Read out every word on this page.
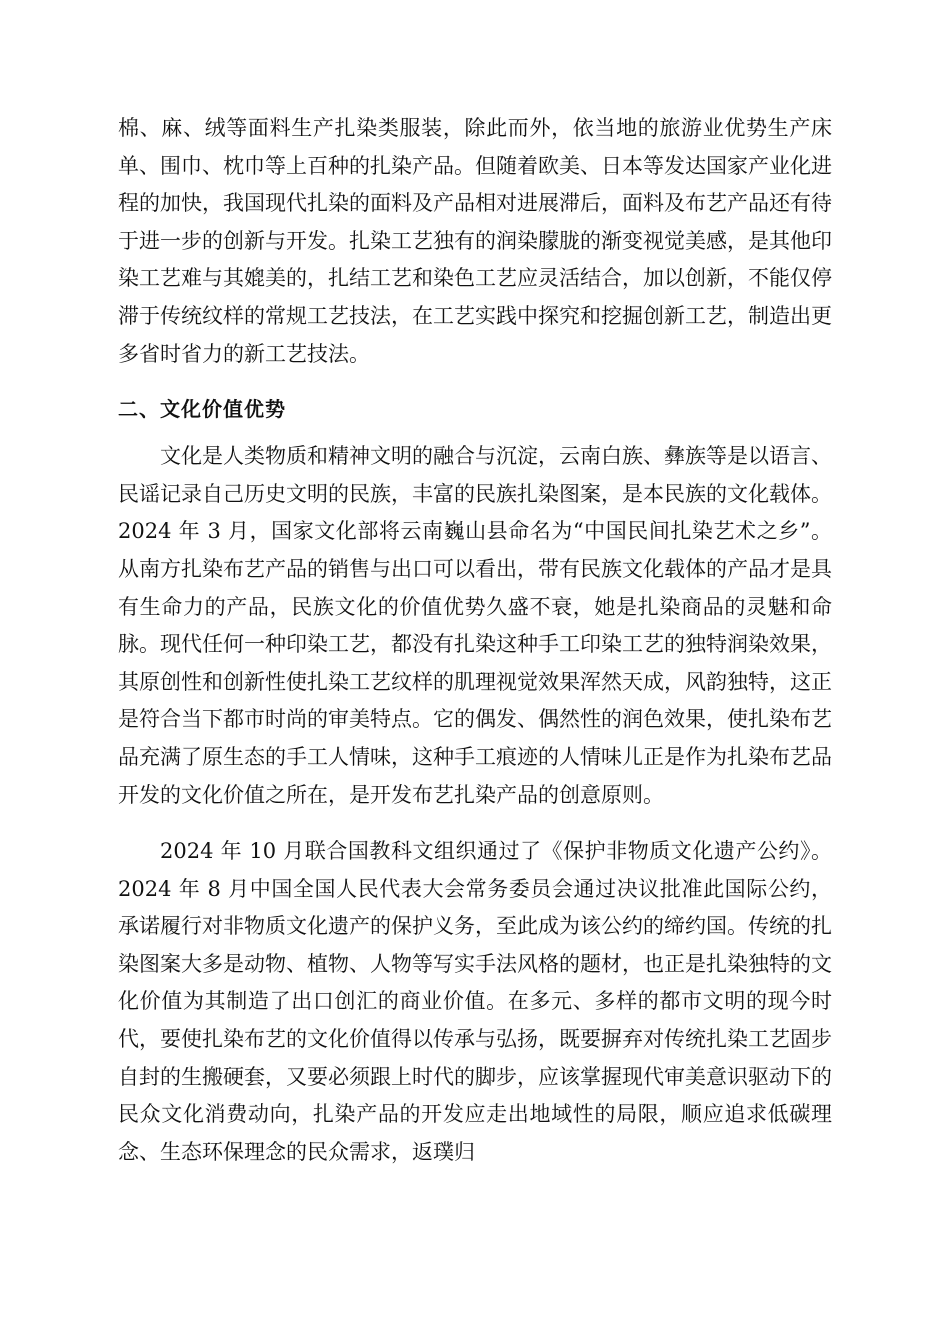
棉、麻、绒等面料生产扎染类服装，除此而外，依当地的旅游业优势生产床单、围巾、枕巾等上百种的扎染产品。但随着欧美、日本等发达国家产业化进程的加快，我国现代扎染的面料及产品相对进展滞后，面料及布艺产品还有待于进一步的创新与开发。扎染工艺独有的润染朦胧的渐变视觉美感，是其他印染工艺难与其媲美的，扎结工艺和染色工艺应灵活结合，加以创新，不能仅停滞于传统纹样的常规工艺技法，在工艺实践中探究和挖掘创新工艺，制造出更多省时省力的新工艺技法。

二、文化价值优势

文化是人类物质和精神文明的融合与沉淀，云南白族、彝族等是以语言、民谣记录自己历史文明的民族，丰富的民族扎染图案，是本民族的文化载体。2024 年 3 月，国家文化部将云南巍山县命名为“中国民间扎染艺术之乡”。从南方扎染布艺产品的销售与出口可以看出，带有民族文化载体的产品才是具有生命力的产品，民族文化的价值优势久盛不衰，她是扎染商品的灵魅和命脉。现代任何一种印染工艺，都没有扎染这种手工印染工艺的独特润染效果，其原创性和创新性使扎染工艺纹样的肌理视觉效果浑然天成，风韵独特，这正是符合当下都市时尚的审美特点。它的偶发、偶然性的润色效果，使扎染布艺品充满了原生态的手工人情味，这种手工痕迹的人情味儿正是作为扎染布艺品开发的文化价值之所在，是开发布艺扎染产品的创意原则。

2024 年 10 月联合国教科文组织通过了《保护非物质文化遗产公约》。2024 年 8 月中国全国人民代表大会常务委员会通过决议批准此国际公约，承诺履行对非物质文化遗产的保护义务，至此成为该公约的缔约国。传统的扎染图案大多是动物、植物、人物等写实手法风格的题材，也正是扎染独特的文化价值为其制造了出口创汇的商业价值。在多元、多样的都市文明的现今时代，要使扎染布艺的文化价值得以传承与弘扬，既要摒弃对传统扎染工艺固步自封的生搬硬套，又要必须跟上时代的脚步，应该掌握现代审美意识驱动下的民众文化消费动向，扎染产品的开发应走出地域性的局限，顺应追求低碳理念、生态环保理念的民众需求，返璞归
